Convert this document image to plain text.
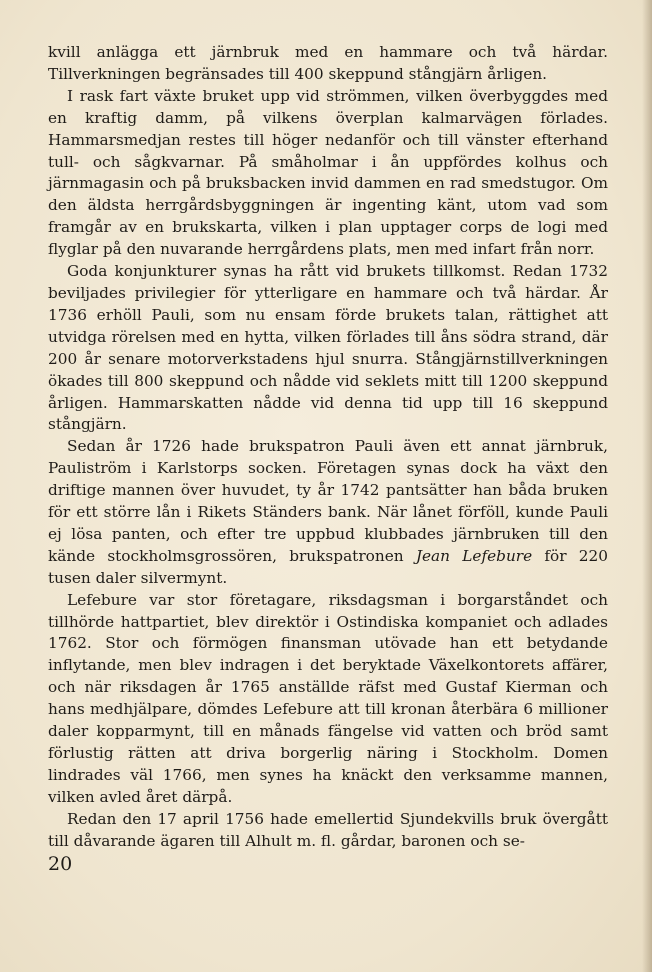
kvill anlägga ett järnbruk med en hammare och två härdar. Tillverkningen begränsades till 400 skeppund stångjärn årligen.

I rask fart växte bruket upp vid strömmen, vilken överbyggdes med en kraftig damm, på vilkens överplan kalmarvägen förlades. Hammarsmedjan restes till höger nedanför och till vänster efterhand tull- och sågkvarnar. På småholmar i ån uppfördes kolhus och järnmagasin och på bruksbacken invid dammen en rad smedstugor. Om den äldsta herrgårdsbyggningen är ingenting känt, utom vad som framgår av en brukskarta, vilken i plan upptager corps de logi med flyglar på den nuvarande herrgårdens plats, men med infart från norr.

Goda konjunkturer synas ha rått vid brukets tillkomst. Redan 1732 beviljades privilegier för ytterligare en hammare och två härdar. År 1736 erhöll Pauli, som nu ensam förde brukets talan, rättighet att utvidga rörelsen med en hytta, vilken förlades till åns södra strand, där 200 år senare motorverkstadens hjul snurra. Stångjärnstillverkningen ökades till 800 skeppund och nådde vid seklets mitt till 1200 skeppund årligen. Hammarskatten nådde vid denna tid upp till 16 skeppund stångjärn.

Sedan år 1726 hade brukspatron Pauli även ett annat järnbruk, Pauliström i Karlstorps socken. Företagen synas dock ha växt den driftige mannen över huvudet, ty år 1742 pantsätter han båda bruken för ett större lån i Rikets Ständers bank. När lånet förföll, kunde Pauli ej lösa panten, och efter tre uppbud klubbades järnbruken till den kände stockholmsgrossören, brukspatronen Jean Lefebure för 220 tusen daler silvermynt.

Lefebure var stor företagare, riksdagsman i borgarståndet och tillhörde hattpartiet, blev direktör i Ostindiska kompaniet och adlades 1762. Stor och förmögen finansman utövade han ett betydande inflytande, men blev indragen i det beryktade Växelkontorets affärer, och när riksdagen år 1765 anställde räfst med Gustaf Kierman och hans medhjälpare, dömdes Lefebure att till kronan återbära 6 millioner daler kopparmynt, till en månads fängelse vid vatten och bröd samt förlustig rätten att driva borgerlig näring i Stockholm. Domen lindrades väl 1766, men synes ha knäckt den verksamme mannen, vilken avled året därpå.

Redan den 17 april 1756 hade emellertid Sjundekvills bruk övergått till dåvarande ägaren till Alhult m. fl. gårdar, baronen och se-

20
